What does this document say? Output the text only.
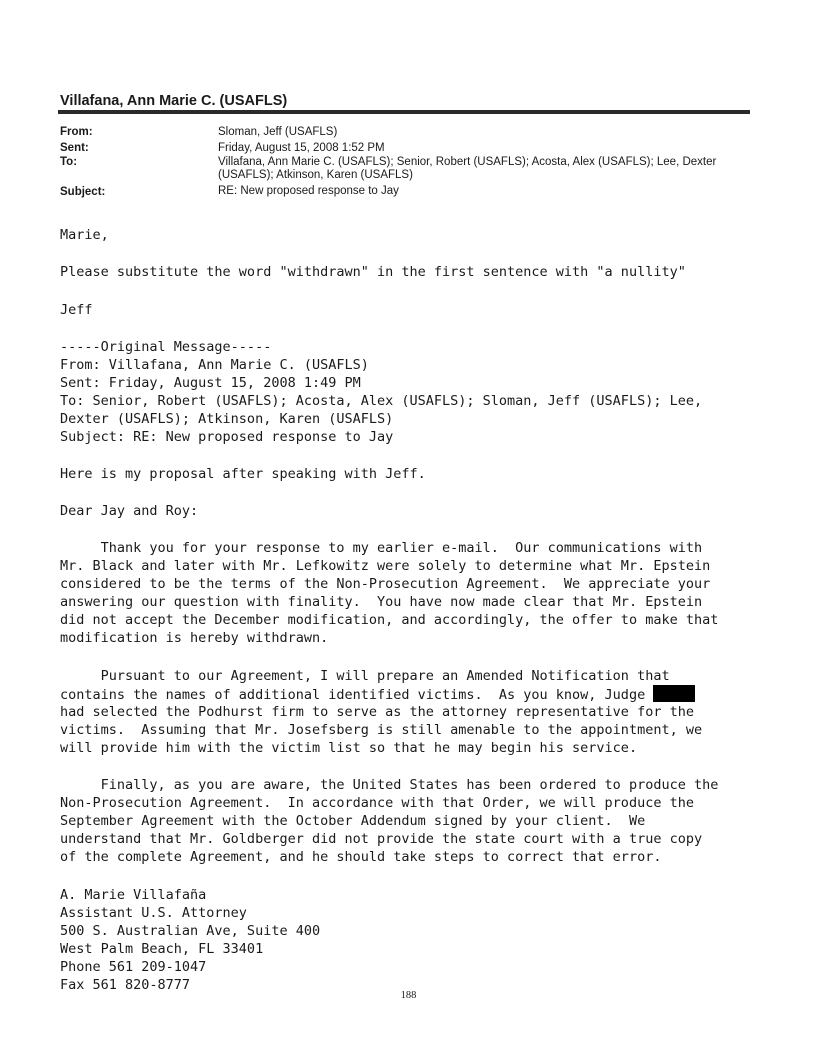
Villafana, Ann Marie C. (USAFLS)
From:	Sloman, Jeff (USAFLS)
Sent:	Friday, August 15, 2008 1:52 PM
To:	Villafana, Ann Marie C. (USAFLS); Senior, Robert (USAFLS); Acosta, Alex (USAFLS); Lee, Dexter (USAFLS); Atkinson, Karen (USAFLS)
Subject:	RE: New proposed response to Jay
Marie,
Please substitute the word "withdrawn" in the first sentence with "a nullity"
Jeff
-----Original Message-----
From: Villafana, Ann Marie C. (USAFLS)
Sent: Friday, August 15, 2008 1:49 PM
To: Senior, Robert (USAFLS); Acosta, Alex (USAFLS); Sloman, Jeff (USAFLS); Lee,
Dexter (USAFLS); Atkinson, Karen (USAFLS)
Subject: RE: New proposed response to Jay
Here is my proposal after speaking with Jeff.
Dear Jay and Roy:
Thank you for your response to my earlier e-mail.  Our communications with
Mr. Black and later with Mr. Lefkowitz were solely to determine what Mr. Epstein
considered to be the terms of the Non-Prosecution Agreement.  We appreciate your
answering our question with finality.  You have now made clear that Mr. Epstein
did not accept the December modification, and accordingly, the offer to make that
modification is hereby withdrawn.
Pursuant to our Agreement, I will prepare an Amended Notification that
contains the names of additional identified victims.  As you know, Judge
had selected the Podhurst firm to serve as the attorney representative for the
victims.  Assuming that Mr. Josefsberg is still amenable to the appointment, we
will provide him with the victim list so that he may begin his service.
Finally, as you are aware, the United States has been ordered to produce the
Non-Prosecution Agreement.  In accordance with that Order, we will produce the
September Agreement with the October Addendum signed by your client.  We
understand that Mr. Goldberger did not provide the state court with a true copy
of the complete Agreement, and he should take steps to correct that error.
A. Marie Villafaña
Assistant U.S. Attorney
500 S. Australian Ave, Suite 400
West Palm Beach, FL 33401
Phone 561 209-1047
Fax 561 820-8777
188
